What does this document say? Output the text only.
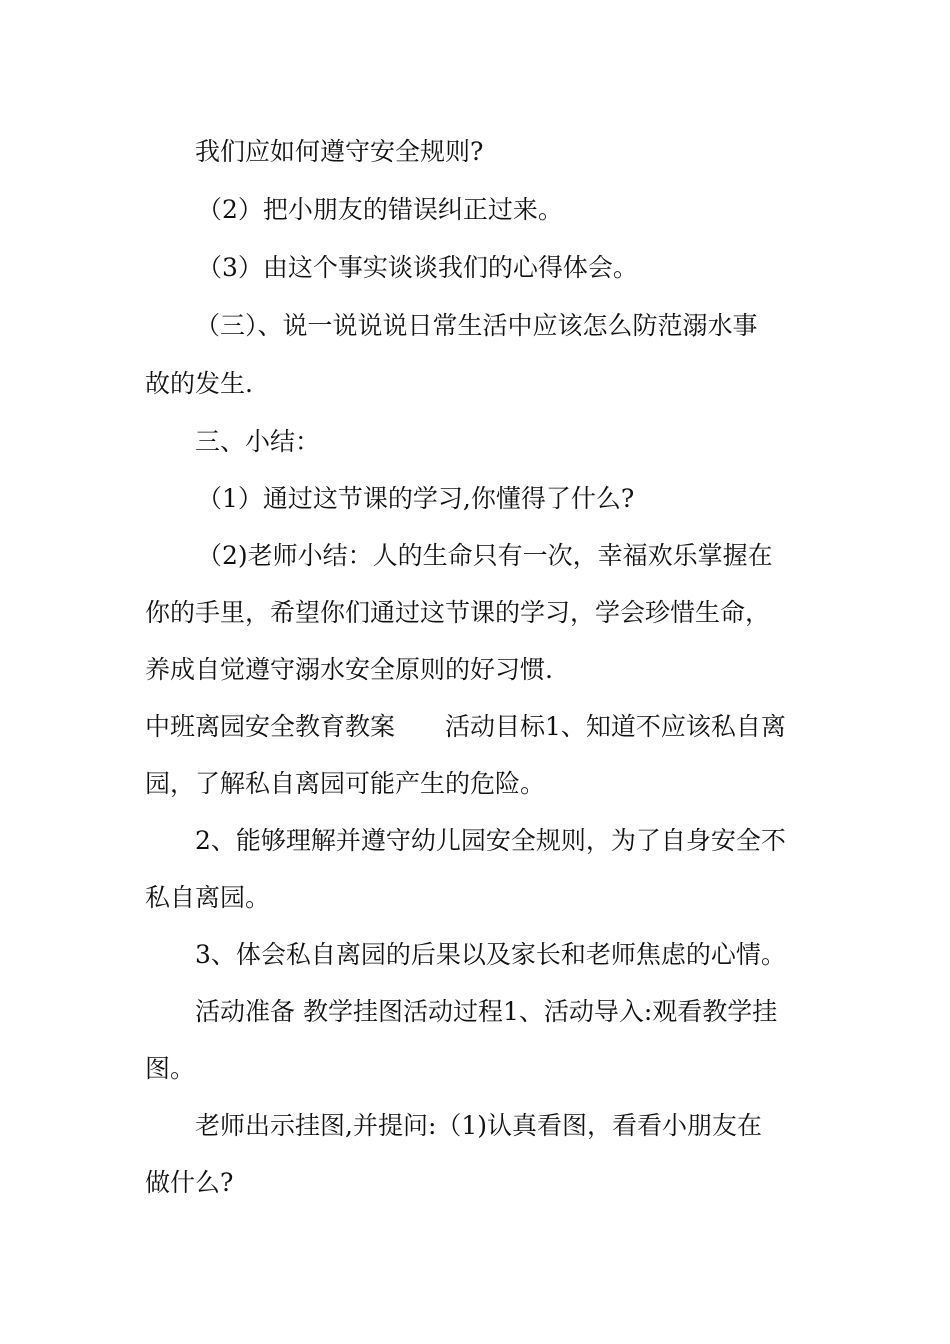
我们应如何遵守安全规则?

（2）把小朋友的错误纠正过来。

（3）由这个事实谈谈我们的心得体会。

（三）、说一说说说日常生活中应该怎么防范溺水事

故的发生.

三、小结：

（1）通过这节课的学习,你懂得了什么?

（2)老师小结：人的生命只有一次，幸福欢乐掌握在

你的手里，希望你们通过这节课的学习，学会珍惜生命，

养成自觉遵守溺水安全原则的好习惯.

中班离园安全教育教案　　活动目标1、知道不应该私自离

园，了解私自离园可能产生的危险。

2、能够理解并遵守幼儿园安全规则，为了自身安全不

私自离园。

3、体会私自离园的后果以及家长和老师焦虑的心情。

活动准备 教学挂图活动过程1、活动导入:观看教学挂

图。

老师出示挂图,并提问:（1)认真看图，看看小朋友在

做什么?
